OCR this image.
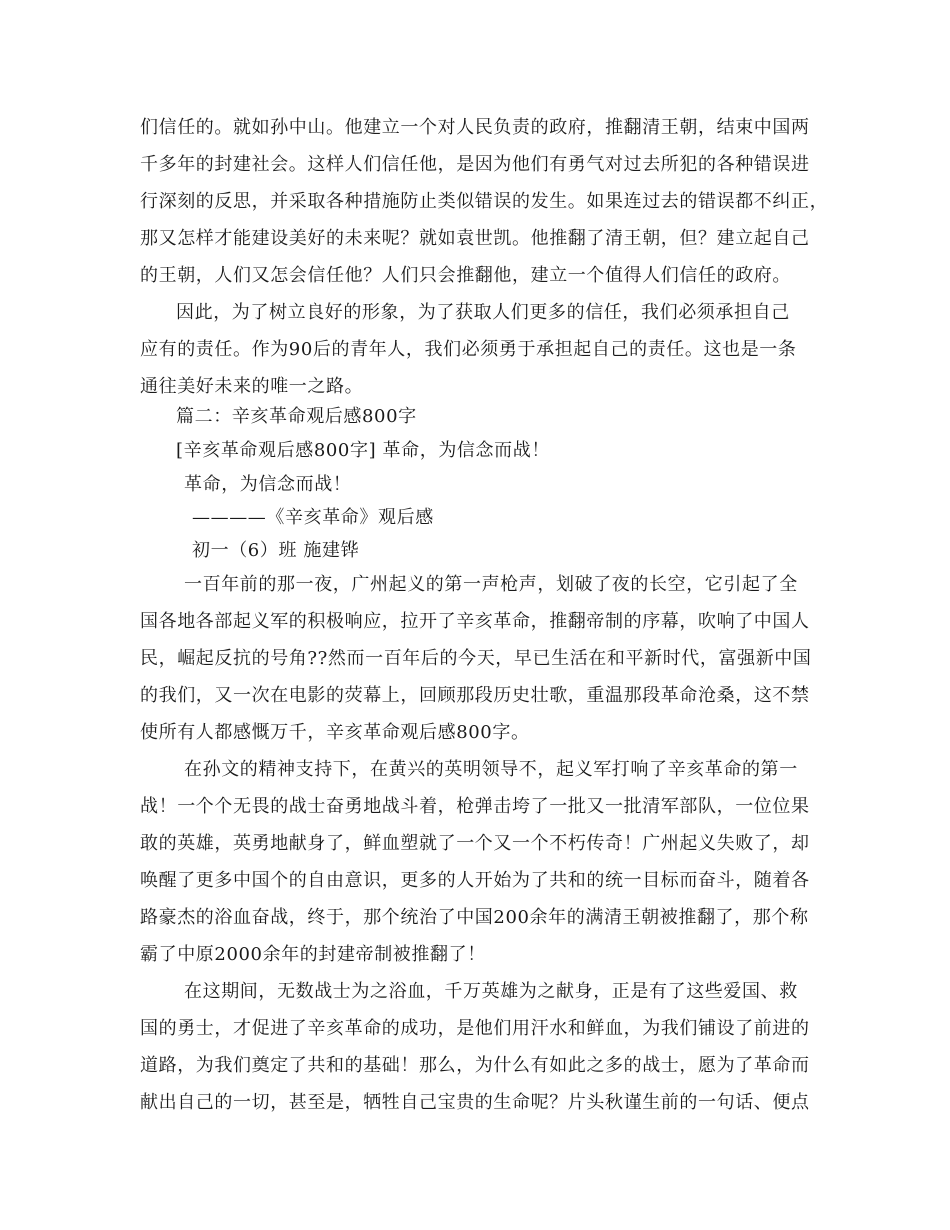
们信任的。就如孙中山。他建立一个对人民负责的政府，推翻清王朝，结束中国两
千多年的封建社会。这样人们信任他，是因为他们有勇气对过去所犯的各种错误进
行深刻的反思，并采取各种措施防止类似错误的发生。如果连过去的错误都不纠正，
那又怎样才能建设美好的未来呢？就如袁世凯。他推翻了清王朝，但？建立起自己
的王朝，人们又怎会信任他？人们只会推翻他，建立一个值得人们信任的政府。
因此，为了树立良好的形象，为了获取人们更多的信任，我们必须承担自己
应有的责任。作为90后的青年人，我们必须勇于承担起自己的责任。这也是一条
通往美好未来的唯一之路。
篇二：辛亥革命观后感800字
[辛亥革命观后感800字] 革命，为信念而战！
革命，为信念而战！
————《辛亥革命》观后感
初一（6）班 施建铧
一百年前的那一夜，广州起义的第一声枪声，划破了夜的长空，它引起了全
国各地各部起义军的积极响应，拉开了辛亥革命，推翻帝制的序幕，吹响了中国人
民，崛起反抗的号角??然而一百年后的今天，早已生活在和平新时代，富强新中国
的我们，又一次在电影的荧幕上，回顾那段历史壮歌，重温那段革命沧桑，这不禁
使所有人都感慨万千，辛亥革命观后感800字。
在孙文的精神支持下，在黄兴的英明领导不，起义军打响了辛亥革命的第一
战！一个个无畏的战士奋勇地战斗着，枪弹击垮了一批又一批清军部队，一位位果
敢的英雄，英勇地献身了，鲜血塑就了一个又一个不朽传奇！广州起义失败了，却
唤醒了更多中国个的自由意识，更多的人开始为了共和的统一目标而奋斗，随着各
路豪杰的浴血奋战，终于，那个统治了中国200余年的满清王朝被推翻了，那个称
霸了中原2000余年的封建帝制被推翻了！
在这期间，无数战士为之浴血，千万英雄为之献身，正是有了这些爱国、救
国的勇士，才促进了辛亥革命的成功，是他们用汗水和鲜血，为我们铺设了前进的
道路，为我们奠定了共和的基础！那么，为什么有如此之多的战士，愿为了革命而
献出自己的一切，甚至是，牺牲自己宝贵的生命呢？片头秋谨生前的一句话、便点
